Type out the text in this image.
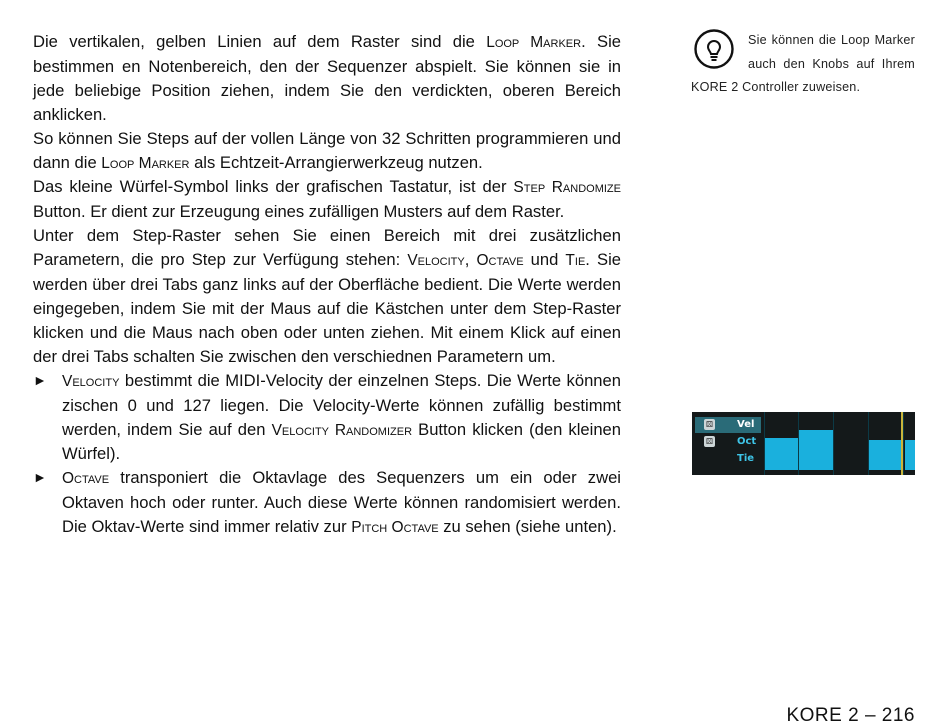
Die vertikalen, gelben Linien auf dem Raster sind die Loop Marker. Sie bestimmen en Notenbereich, den der Sequenzer abspielt. Sie können sie in jede beliebige Position ziehen, indem Sie den verdickten, oberen Bereich anklicken.

So können Sie Steps auf der vollen Länge von 32 Schritten programmieren und dann die Loop Marker als Echtzeit-Arrangierwerkzeug nutzen.

Das kleine Würfel-Symbol links der grafischen Tastatur, ist der Step Randomize Button. Er dient zur Erzeugung eines zufälligen Musters auf dem Raster.

Unter dem Step-Raster sehen Sie einen Bereich mit drei zusätzlichen Parametern, die pro Step zur Verfügung stehen: Velocity, Octave und Tie. Sie werden über drei Tabs ganz links auf der Oberfläche bedient. Die Werte werden eingegeben, indem Sie mit der Maus auf die Kästchen unter dem Step-Raster klicken und die Maus nach oben oder unten ziehen. Mit einem Klick auf einen der drei Tabs schalten Sie zwischen den verschiednen Parametern um.

► Velocity bestimmt die MIDI-Velocity der einzelnen Steps. Die Werte können zischen 0 und 127 liegen. Die Velocity-Werte können zufällig bestimmt werden, indem Sie auf den Velocity Randomizer Button klicken (den kleinen Würfel).

► Octave transponiert die Oktavlage des Sequenzers um ein oder zwei Oktaven hoch oder runter. Auch diese Werte können randomisiert werden. Die Oktav-Werte sind immer relativ zur Pitch Octave zu sehen (siehe unten).

Sie können die Loop Marker auch den Knobs auf Ihrem KORE 2 Controller zuweisen.
⚄ Vel
⚄ Oct
Tie
KORE 2 – 216
